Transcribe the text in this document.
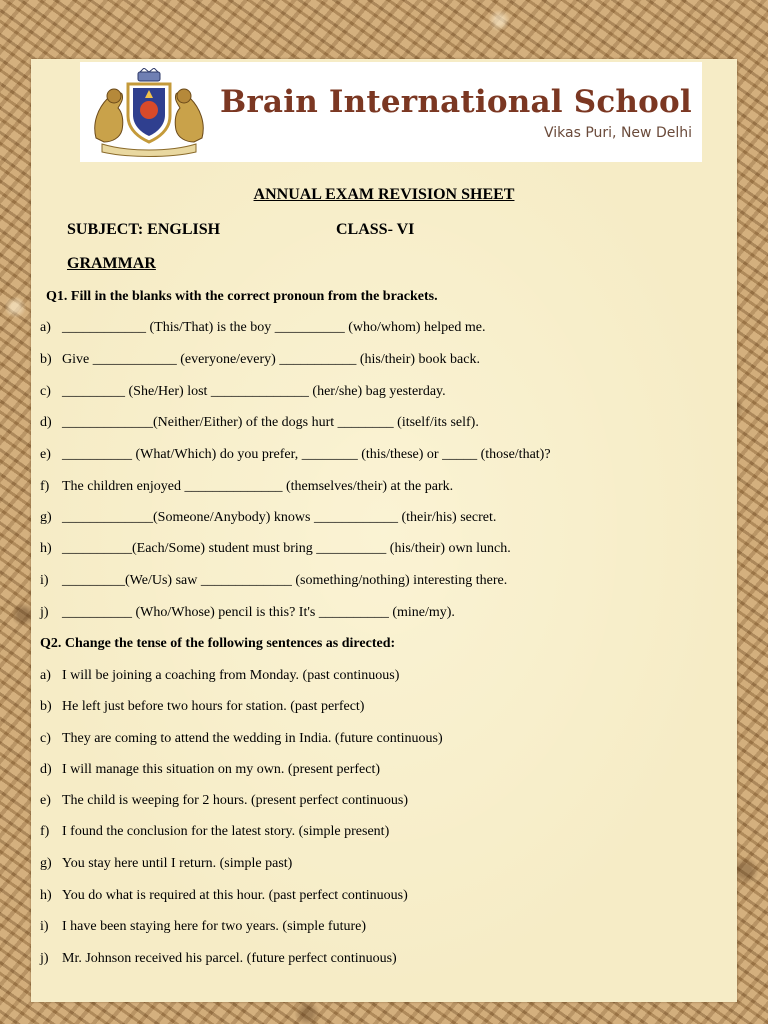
Brain International School
Vikas Puri, New Delhi
ANNUAL EXAM REVISION SHEET
SUBJECT: ENGLISH	CLASS- VI
GRAMMAR
Q1. Fill in the blanks with the correct pronoun from the brackets.
a) ____________ (This/That) is the boy __________ (who/whom) helped me.
b) Give ____________ (everyone/every) ___________ (his/their) book back.
c) _________ (She/Her) lost ______________ (her/she) bag yesterday.
d) _____________(Neither/Either) of the dogs hurt ________ (itself/its self).
e) __________ (What/Which) do you prefer, ________ (this/these) or _____ (those/that)?
f) The children enjoyed ______________ (themselves/their) at the park.
g) _____________(Someone/Anybody) knows ____________ (their/his) secret.
h) __________(Each/Some) student must bring __________ (his/their) own lunch.
i) _________(We/Us) saw _____________ (something/nothing) interesting there.
j) __________ (Who/Whose) pencil is this? It's __________ (mine/my).
Q2. Change the tense of the following sentences as directed:
a) I will be joining a coaching from Monday. (past continuous)
b) He left just before two hours for station. (past perfect)
c) They are coming to attend the wedding in India. (future continuous)
d) I will manage this situation on my own. (present perfect)
e) The child is weeping for 2 hours. (present perfect continuous)
f) I found the conclusion for the latest story. (simple present)
g) You stay here until I return. (simple past)
h) You do what is required at this hour. (past perfect continuous)
i) I have been staying here for two years. (simple future)
j) Mr. Johnson received his parcel. (future perfect continuous)
